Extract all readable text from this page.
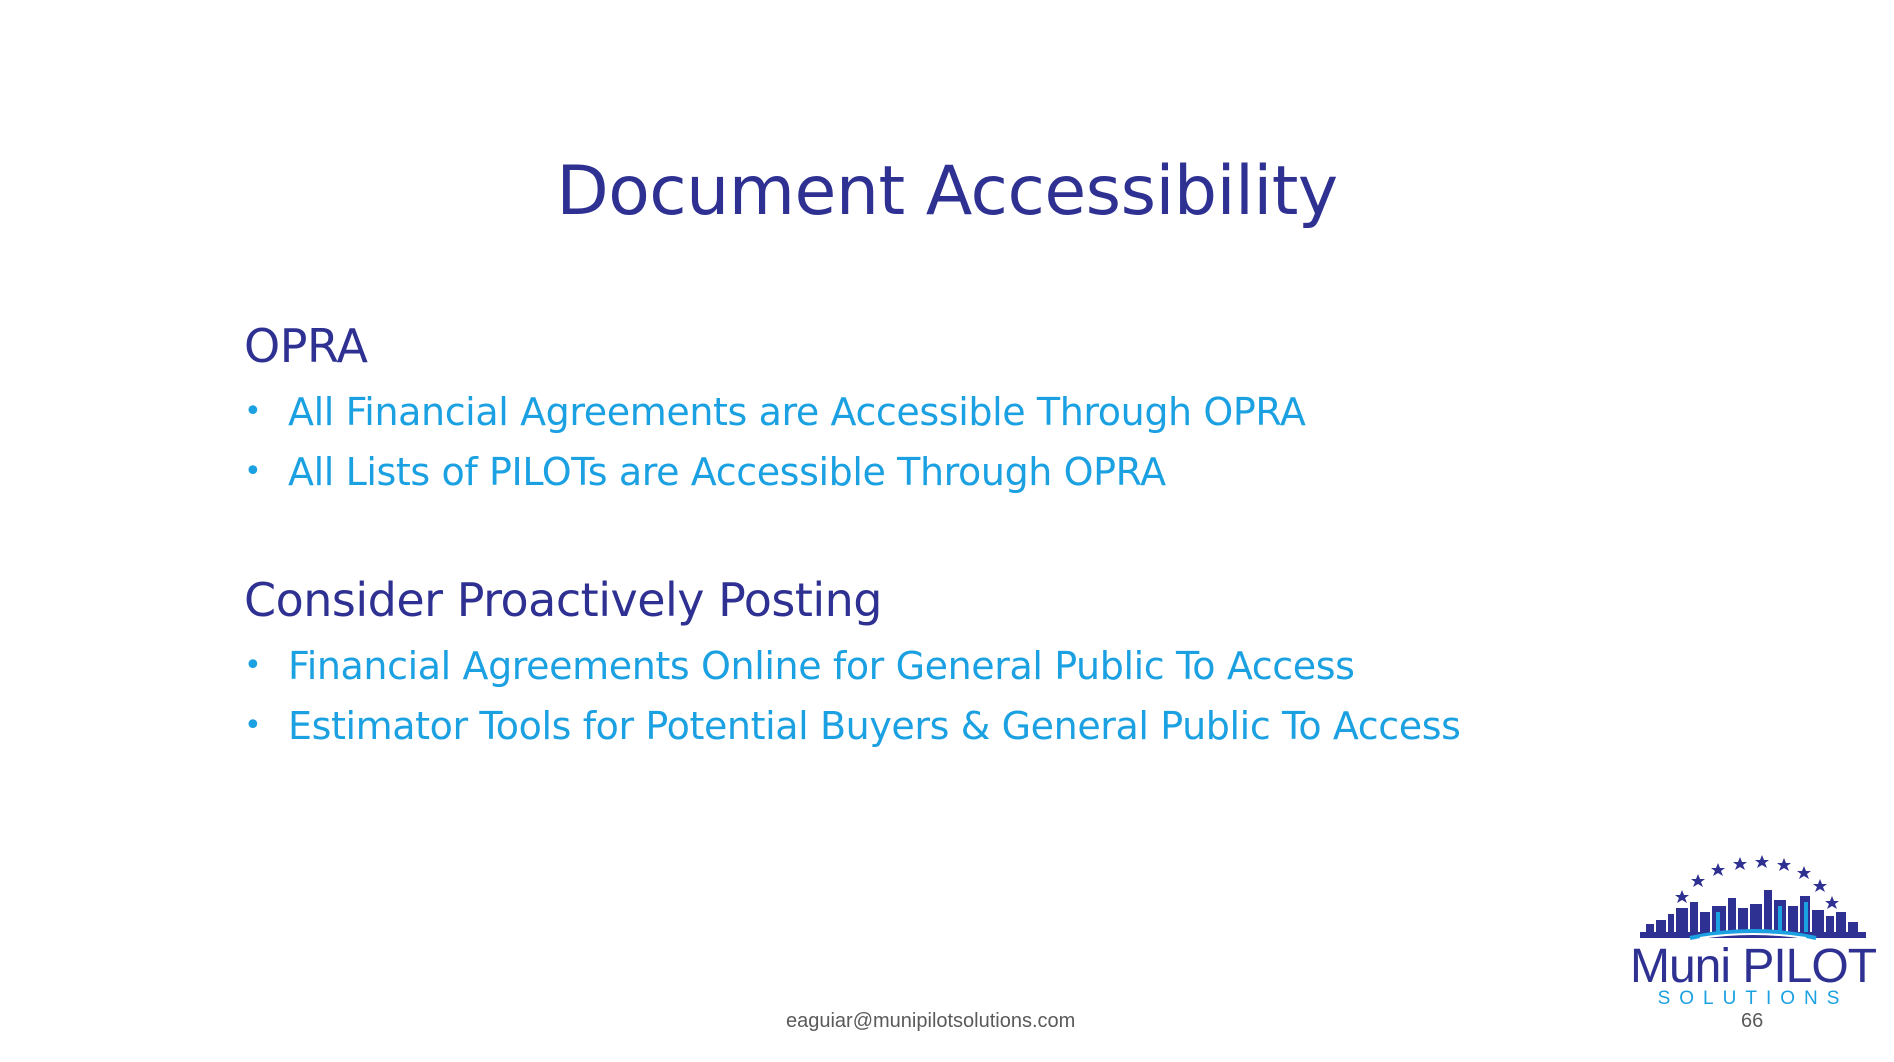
Document Accessibility
OPRA
• All Financial Agreements are Accessible Through OPRA
• All Lists of PILOTs are Accessible Through OPRA
Consider Proactively Posting
• Financial Agreements Online for General Public To Access
• Estimator Tools for Potential Buyers & General Public To Access
eaguiar@munipilotsolutions.com	66
Muni PILOT
SOLUTIONS
